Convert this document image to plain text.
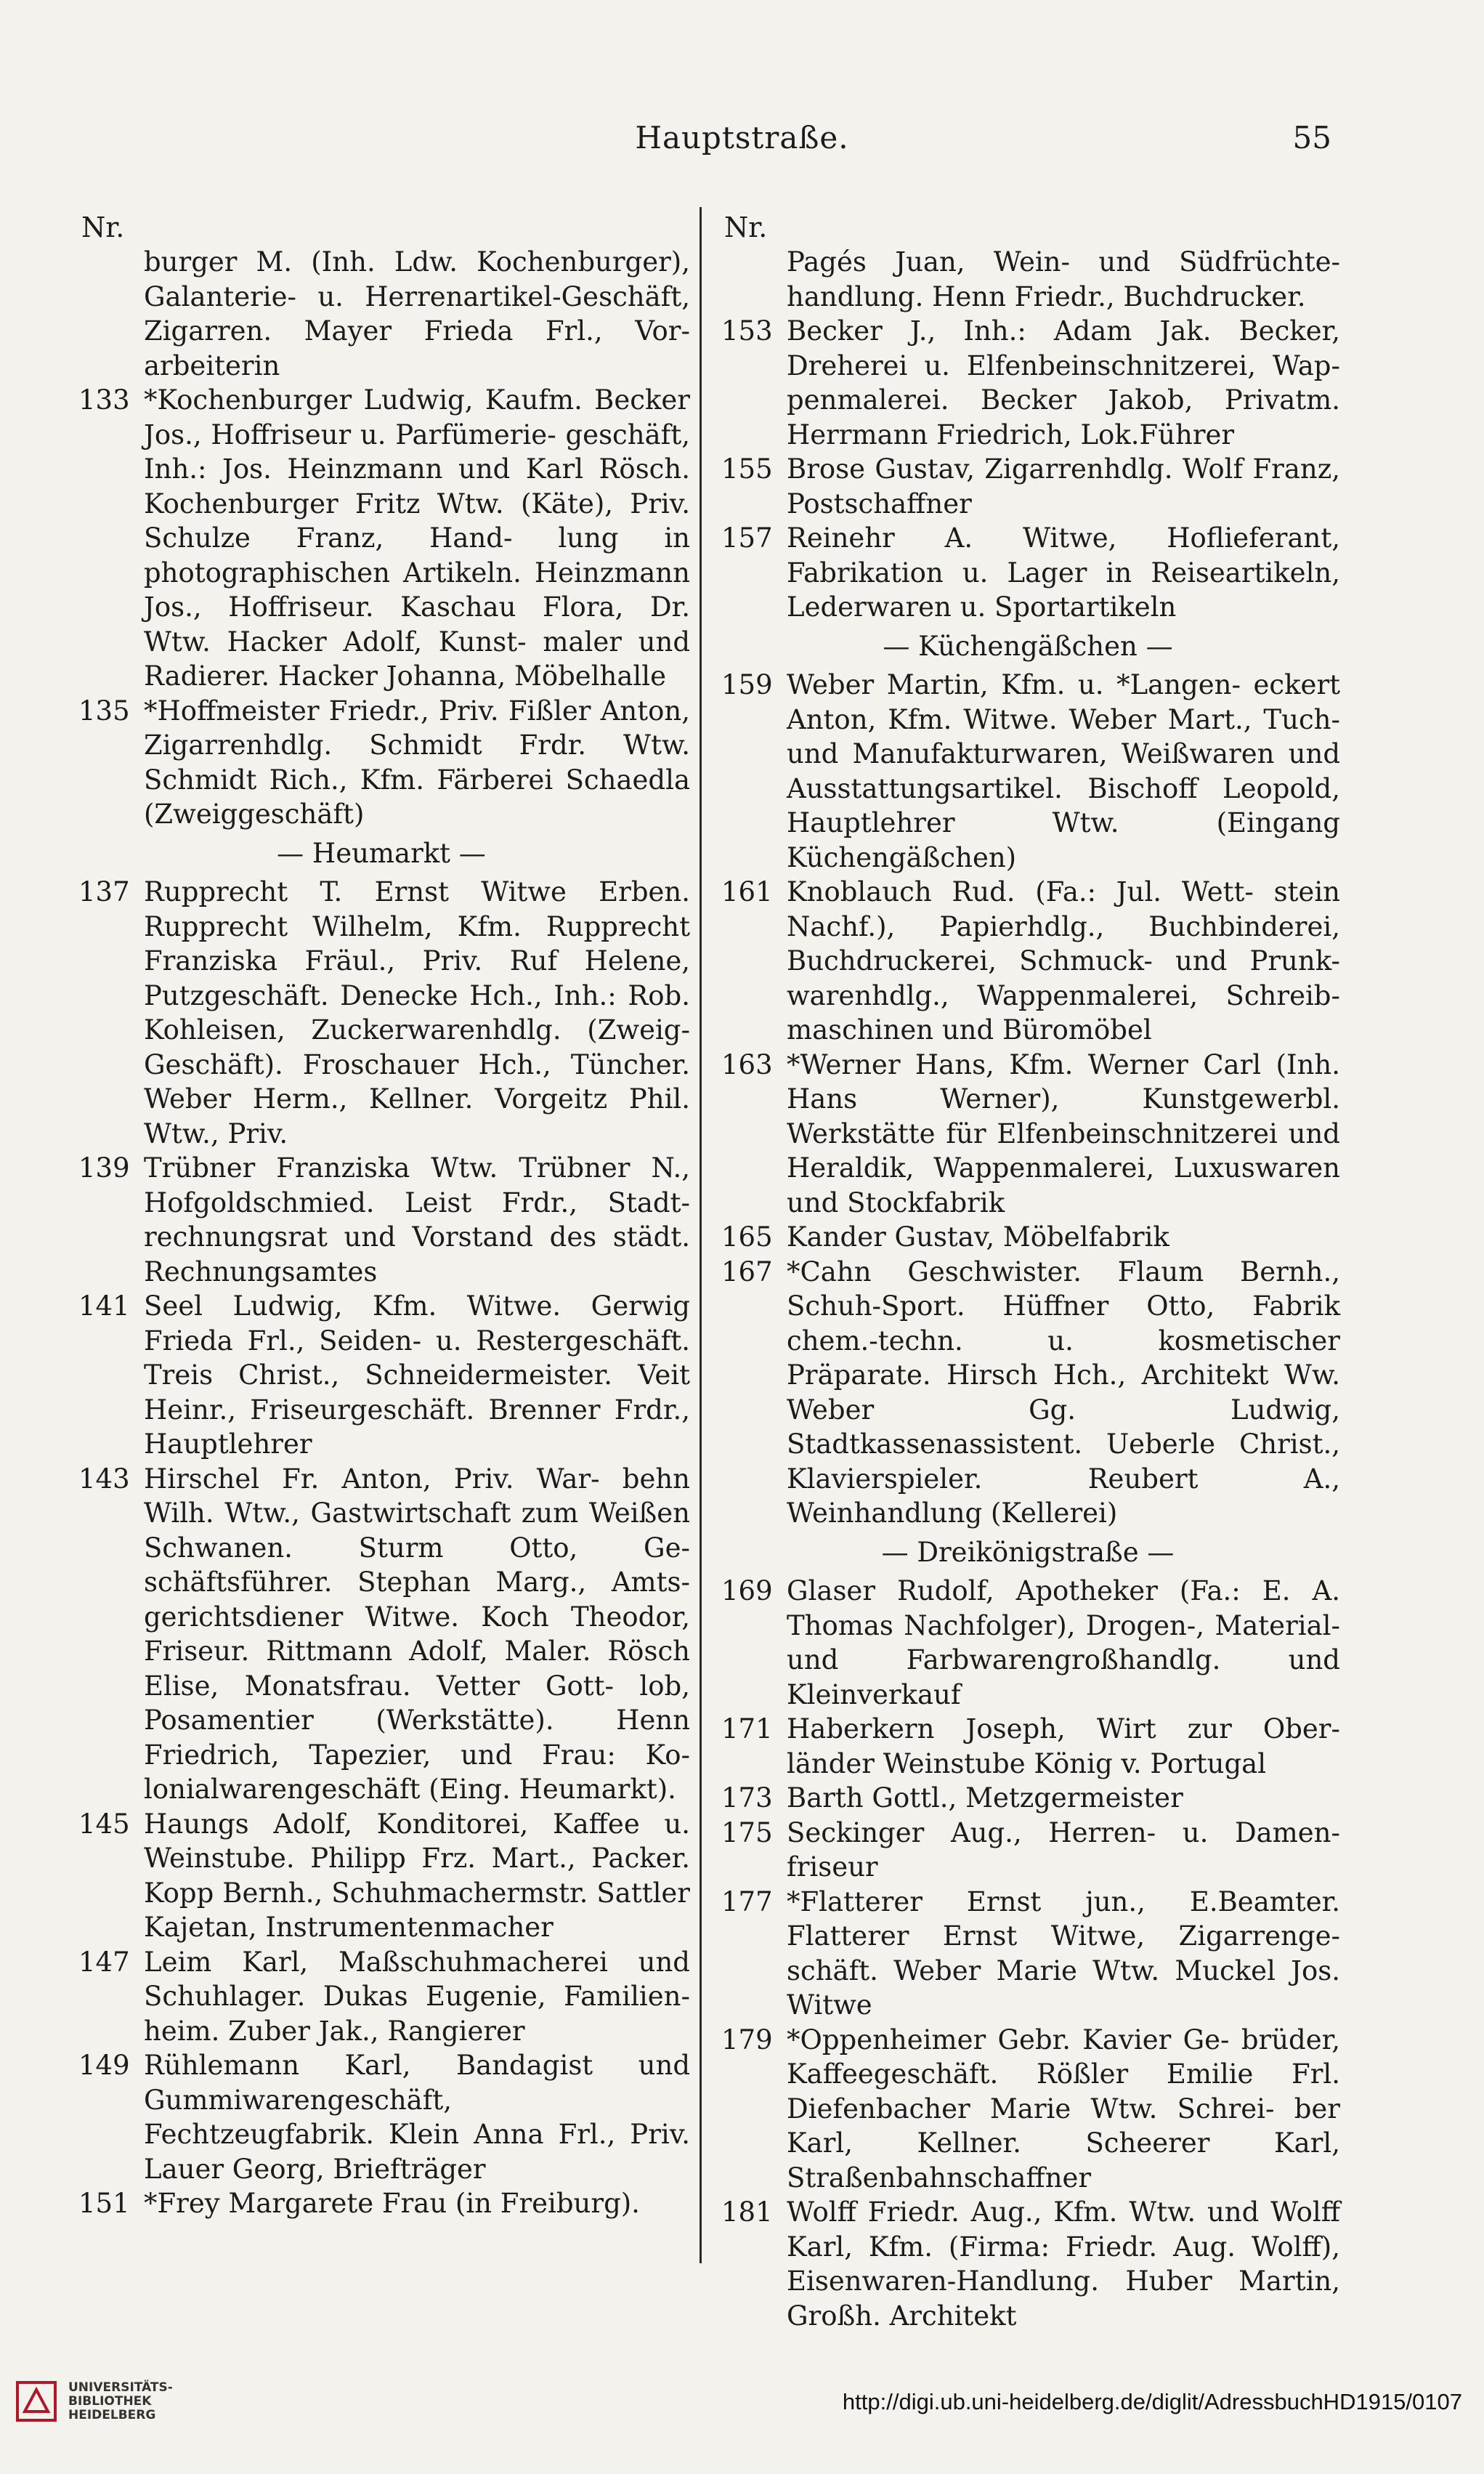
Hauptstraße.	55
Nr.
burger M. (Inh. Ldw. Kochenburger), Galanterie- u. Herrenartikel-Geschäft, Zigarren. Mayer Frieda Frl., Vor- arbeiterin
133 *Kochenburger Ludwig, Kaufm. Becker Jos., Hoffriseur u. Parfümerie- geschäft, Inh.: Jos. Heinzmann und Karl Rösch. Kochenburger Fritz Wtw. (Käte), Priv. Schulze Franz, Hand- lung in photographischen Artikeln. Heinzmann Jos., Hoffriseur. Kaschau Flora, Dr. Wtw. Hacker Adolf, Kunst- maler und Radierer. Hacker Johanna, Möbelhalle
135 *Hoffmeister Friedr., Priv. Fißler Anton, Zigarrenhdlg. Schmidt Frdr. Wtw. Schmidt Rich., Kfm. Färberei Schaedla (Zweiggeschäft)
— Heumarkt —
137 Rupprecht T. Ernst Witwe Erben. Rupprecht Wilhelm, Kfm. Rupprecht Franziska Fräul., Priv. Ruf Helene, Putzgeschäft. Denecke Hch., Inh.: Rob. Kohleisen, Zuckerwarenhdlg. (Zweig- Geschäft). Froschauer Hch., Tüncher. Weber Herm., Kellner. Vorgeitz Phil. Wtw., Priv.
139 Trübner Franziska Wtw. Trübner N., Hofgoldschmied. Leist Frdr., Stadt- rechnungsrat und Vorstand des städt. Rechnungsamtes
141 Seel Ludwig, Kfm. Witwe. Gerwig Frieda Frl., Seiden- u. Restergeschäft. Treis Christ., Schneidermeister. Veit Heinr., Friseurgeschäft. Brenner Frdr., Hauptlehrer
143 Hirschel Fr. Anton, Priv. War- behn Wilh. Wtw., Gastwirtschaft zum Weißen Schwanen. Sturm Otto, Ge- schäftsführer. Stephan Marg., Amts- gerichtsdiener Witwe. Koch Theodor, Friseur. Rittmann Adolf, Maler. Rösch Elise, Monatsfrau. Vetter Gott- lob, Posamentier (Werkstätte). Henn Friedrich, Tapezier, und Frau: Ko- lonialwarengeschäft (Eing. Heumarkt).
145 Haungs Adolf, Konditorei, Kaffee u. Weinstube. Philipp Frz. Mart., Packer. Kopp Bernh., Schuhmachermstr. Sattler Kajetan, Instrumentenmacher
147 Leim Karl, Maßschuhmacherei und Schuhlager. Dukas Eugenie, Familien- heim. Zuber Jak., Rangierer
149 Rühlemann Karl, Bandagist und Gummiwarengeschäft, Fechtzeugfabrik. Klein Anna Frl., Priv. Lauer Georg, Briefträger
151 *Frey Margarete Frau (in Freiburg).
Nr.
Pagés Juan, Wein- und Südfrüchte- handlung. Henn Friedr., Buchdrucker.
153 Becker J., Inh.: Adam Jak. Becker, Dreherei u. Elfenbeinschnitzerei, Wap- penmalerei. Becker Jakob, Privatm. Herrmann Friedrich, Lok.Führer
155 Brose Gustav, Zigarrenhdlg. Wolf Franz, Postschaffner
157 Reinehr A. Witwe, Hoflieferant, Fabrikation u. Lager in Reiseartikeln, Lederwaren u. Sportartikeln
— Küchengäßchen —
159 Weber Martin, Kfm. u. *Langen- eckert Anton, Kfm. Witwe. Weber Mart., Tuch- und Manufakturwaren, Weißwaren und Ausstattungsartikel. Bischoff Leopold, Hauptlehrer Wtw. (Eingang Küchengäßchen)
161 Knoblauch Rud. (Fa.: Jul. Wett- stein Nachf.), Papierhdlg., Buchbinderei, Buchdruckerei, Schmuck- und Prunk- warenhdlg., Wappenmalerei, Schreib- maschinen und Büromöbel
163 *Werner Hans, Kfm. Werner Carl (Inh. Hans Werner), Kunstgewerbl. Werkstätte für Elfenbeinschnitzerei und Heraldik, Wappenmalerei, Luxuswaren und Stockfabrik
165 Kander Gustav, Möbelfabrik
167 *Cahn Geschwister. Flaum Bernh., Schuh-Sport. Hüffner Otto, Fabrik chem.-techn. u. kosmetischer Präparate. Hirsch Hch., Architekt Ww. Weber Gg. Ludwig, Stadtkassenassistent. Ueberle Christ., Klavierspieler. Reubert A., Weinhandlung (Kellerei)
— Dreikönigstraße —
169 Glaser Rudolf, Apotheker (Fa.: E. A. Thomas Nachfolger), Drogen-, Material- und Farbwarengroßhandlg. und Kleinverkauf
171 Haberkern Joseph, Wirt zur Ober- länder Weinstube König v. Portugal
173 Barth Gottl., Metzgermeister
175 Seckinger Aug., Herren- u. Damen- friseur
177 *Flatterer Ernst jun., E.Beamter. Flatterer Ernst Witwe, Zigarrenge- schäft. Weber Marie Wtw. Muckel Jos. Witwe
179 *Oppenheimer Gebr. Kavier Ge- brüder, Kaffeegeschäft. Rößler Emilie Frl. Diefenbacher Marie Wtw. Schrei- ber Karl, Kellner. Scheerer Karl, Straßenbahnschaffner
181 Wolff Friedr. Aug., Kfm. Wtw. und Wolff Karl, Kfm. (Firma: Friedr. Aug. Wolff), Eisenwaren-Handlung. Huber Martin, Großh. Architekt
UNIVERSITÄTS-
BIBLIOTHEK
HEIDELBERG
http://digi.ub.uni-heidelberg.de/diglit/AdressbuchHD1915/0107
